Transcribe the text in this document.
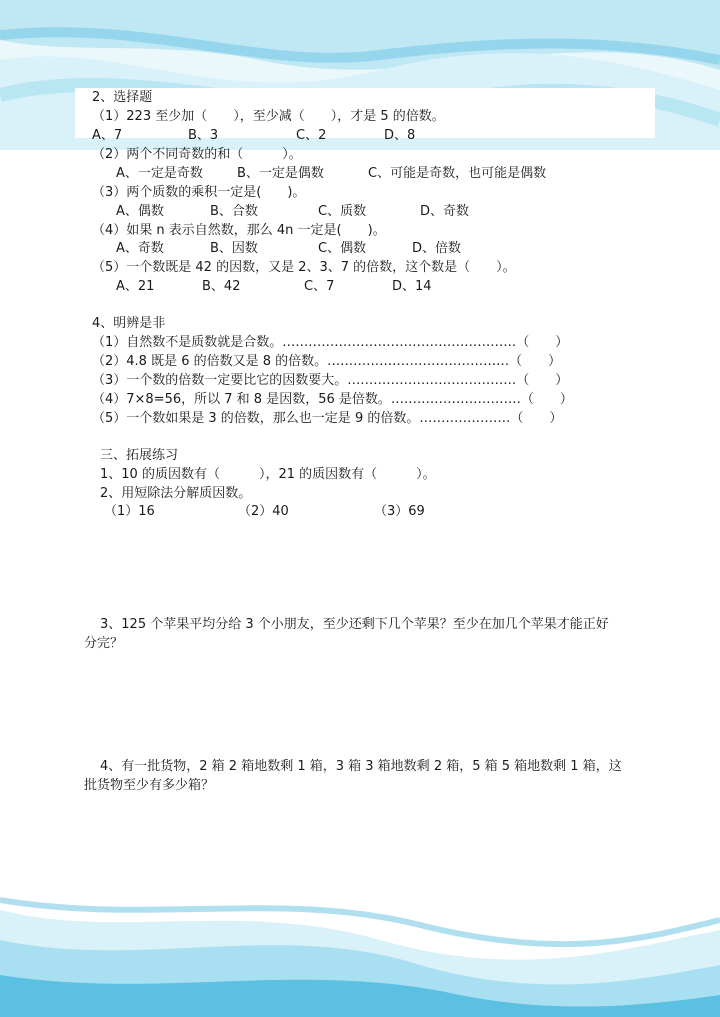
2、选择题

（1）223 至少加（　　），至少减（　　），才是 5 的倍数。

A、7	B、3	C、2	D、8

（2）两个不同奇数的和（　　　）。

A、一定是奇数	B、一定是偶数	C、可能是奇数，也可能是偶数

（3）两个质数的乘积一定是(　　)。

A、偶数	B、合数	C、质数	D、奇数

（4）如果 n 表示自然数，那么 4n 一定是(　　)。

A、奇数	B、因数	C、偶数	D、倍数

（5）一个数既是 42 的因数，又是 2、3、7 的倍数，这个数是（　　）。

A、21	B、42	C、7	D、14

4、明辨是非

（1）自然数不是质数就是合数。………………………………………………（　　）

（2）4.8 既是 6 的倍数又是 8 的倍数。……………………………………（　　）

（3）一个数的倍数一定要比它的因数要大。…………………………………（　　）

（4）7×8=56，所以 7 和 8 是因数，56 是倍数。…………………………（　　）

（5）一个数如果是 3 的倍数，那么也一定是 9 的倍数。…………………（　　）

三、拓展练习

1、10 的质因数有（　　　），21 的质因数有（　　　）。

2、用短除法分解质因数。

（1）16	（2）40	（3）69

3、125 个苹果平均分给 3 个小朋友，至少还剩下几个苹果？至少在加几个苹果才能正好

分完？

4、有一批货物，2 箱 2 箱地数剩 1 箱，3 箱 3 箱地数剩 2 箱，5 箱 5 箱地数剩 1 箱，这

批货物至少有多少箱？
